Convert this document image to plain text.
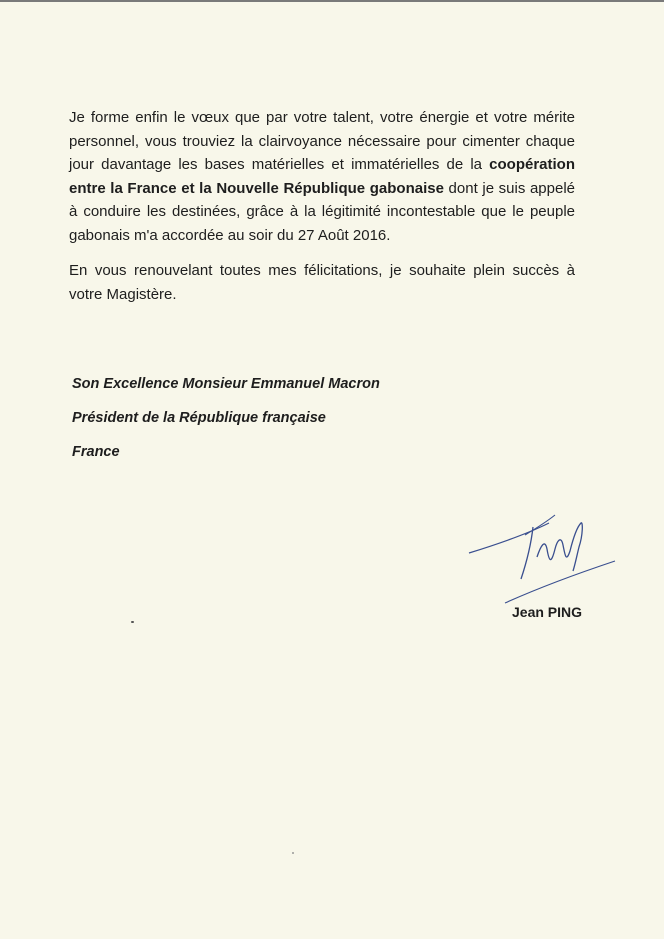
Je forme enfin le vœux que par votre talent, votre énergie et votre mérite personnel, vous trouviez la clairvoyance nécessaire pour cimenter chaque jour davantage les bases matérielles et immatérielles de la coopération entre la France et la Nouvelle République gabonaise dont je suis appelé à conduire les destinées, grâce à la légitimité incontestable que le peuple gabonais m'a accordée au soir du 27 Août 2016.

En vous renouvelant toutes mes félicitations, je souhaite plein succès à votre Magistère.

Son Excellence Monsieur Emmanuel Macron
Président de la République française
France
Jean PING
